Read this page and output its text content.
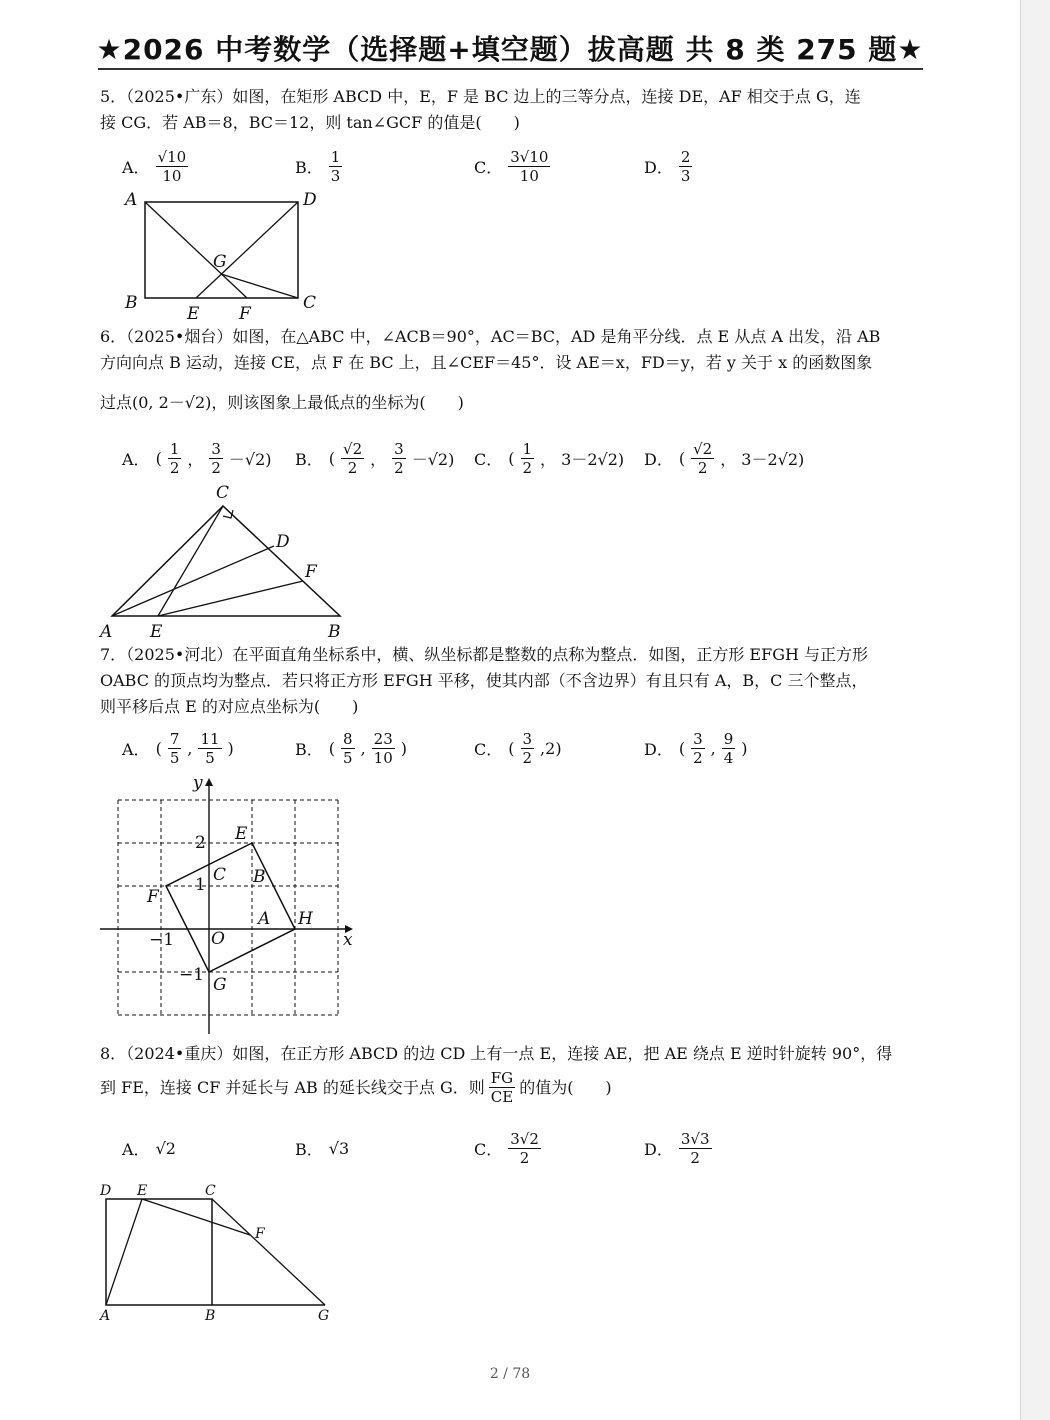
★2026 中考数学（选择题+填空题）拔高题 共 8 类 275 题★
5．（2025•广东）如图，在矩形 ABCD 中，E，F 是 BC 边上的三等分点，连接 DE，AF 相交于点 G，连
接 CG．若 AB＝8，BC＝12，则 tan∠GCF 的值是(　　)
A． $\frac{√10}{10}$	B． $\frac{1}{3}$	C． $\frac{3√10}{10}$	D． $\frac{2}{3}$
A	D
B	C
E F
G
6．（2025•烟台）如图，在△ABC 中，∠ACB＝90°，AC＝BC，AD 是角平分线．点 E 从点 A 出发，沿 AB
方向向点 B 运动，连接 CE，点 F 在 BC 上，且∠CEF＝45°．设 AE＝x，FD＝y，若 y 关于 x 的函数图象
过点(0, 2－√2)，则该图象上最低点的坐标为(　　)
A． ( $\frac{1}{2}$ ， $\frac{3}{2} -√2$) B． ( $\frac{√2}{2}$ ， $\frac{3}{2} -√2$) C． ( $\frac{1}{2}$ ， 3－2√2) D． ( $\frac{√2}{2}$ ， 3－2√2)
A
C
B
E
D
F
7．（2025•河北）在平面直角坐标系中，横、纵坐标都是整数的点称为整点．如图，正方形 EFGH 与正方形
OABC 的顶点均为整点．若只将正方形 EFGH 平移，使其内部（不含边界）有且只有 A，B，C 三个整点，
则平移后点 E 的对应点坐标为(　　)
A． ( $\frac{7}{5}$ , $\frac{11}{5}$ )	B． ( $\frac{8}{5}$ , $\frac{23}{10}$ )	C． ( $\frac{3}{2} ,2$)	D． ( $\frac{3}{2}$ , $\frac{9}{4}$ )
y
x
E
F
G
H
A
B
C
O
2
1
−1
−1
8．（2024•重庆）如图，在正方形 ABCD 的边 CD 上有一点 E，连接 AE，把 AE 绕点 E 逆时针旋转 90°，得
到 FE，连接 CF 并延长与 AB 的延长线交于点 G．则 $\frac{FG}{CE}$ 的值为(　　)
A． √2	B． √3	C． $\frac{3√2}{2}$	D． $\frac{3√3}{2}$
D E	C
F
A	B	G
2 / 78
